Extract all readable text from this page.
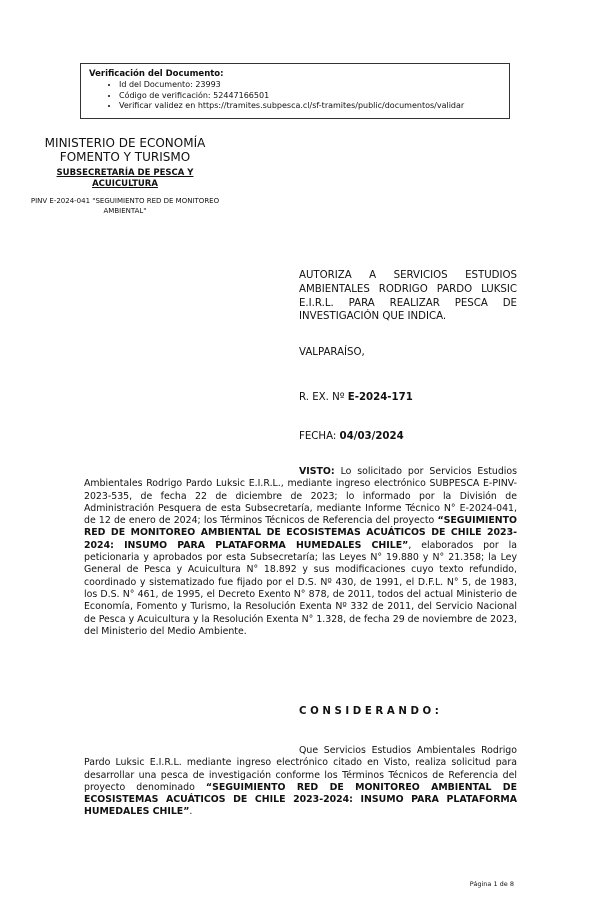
Verificación del Documento:

• Id del Documento: 23993
• Código de verificación: 52447166501
• Verificar validez en https://tramites.subpesca.cl/sf-tramites/public/documentos/validar
MINISTERIO DE ECONOMÍA
FOMENTO Y TURISMO
SUBSECRETARÍA DE PESCA Y ACUICULTURA
PINV E-2024-041 "SEGUIMIENTO RED DE MONITOREO AMBIENTAL"
AUTORIZA A SERVICIOS ESTUDIOS AMBIENTALES RODRIGO PARDO LUKSIC E.I.R.L. PARA REALIZAR PESCA DE INVESTIGACIÓN QUE INDICA.
VALPARAÍSO,
R. EX. Nº E-2024-171
FECHA: 04/03/2024
VISTO: Lo solicitado por Servicios Estudios Ambientales Rodrigo Pardo Luksic E.I.R.L., mediante ingreso electrónico SUBPESCA E-PINV-2023-535, de fecha 22 de diciembre de 2023; lo informado por la División de Administración Pesquera de esta Subsecretaría, mediante Informe Técnico N° E-2024-041, de 12 de enero de 2024; los Términos Técnicos de Referencia del proyecto “SEGUIMIENTO RED DE MONITOREO AMBIENTAL DE ECOSISTEMAS ACUÁTICOS DE CHILE 2023-2024: INSUMO PARA PLATAFORMA HUMEDALES CHILE”, elaborados por la peticionaria y aprobados por esta Subsecretaría; las Leyes N° 19.880 y N° 21.358; la Ley General de Pesca y Acuicultura N° 18.892 y sus modificaciones cuyo texto refundido, coordinado y sistematizado fue fijado por el D.S. Nº 430, de 1991, el D.F.L. N° 5, de 1983, los D.S. N° 461, de 1995, el Decreto Exento N° 878, de 2011, todos del actual Ministerio de Economía, Fomento y Turismo, la Resolución Exenta Nº 332 de 2011, del Servicio Nacional de Pesca y Acuicultura y la Resolución Exenta N° 1.328, de fecha 29 de noviembre de 2023, del Ministerio del Medio Ambiente.
CONSIDERANDO:
Que Servicios Estudios Ambientales Rodrigo Pardo Luksic E.I.R.L. mediante ingreso electrónico citado en Visto, realiza solicitud para desarrollar una pesca de investigación conforme los Términos Técnicos de Referencia del proyecto denominado “SEGUIMIENTO RED DE MONITOREO AMBIENTAL DE ECOSISTEMAS ACUÁTICOS DE CHILE 2023-2024: INSUMO PARA PLATAFORMA HUMEDALES CHILE”.
Página 1 de 8
